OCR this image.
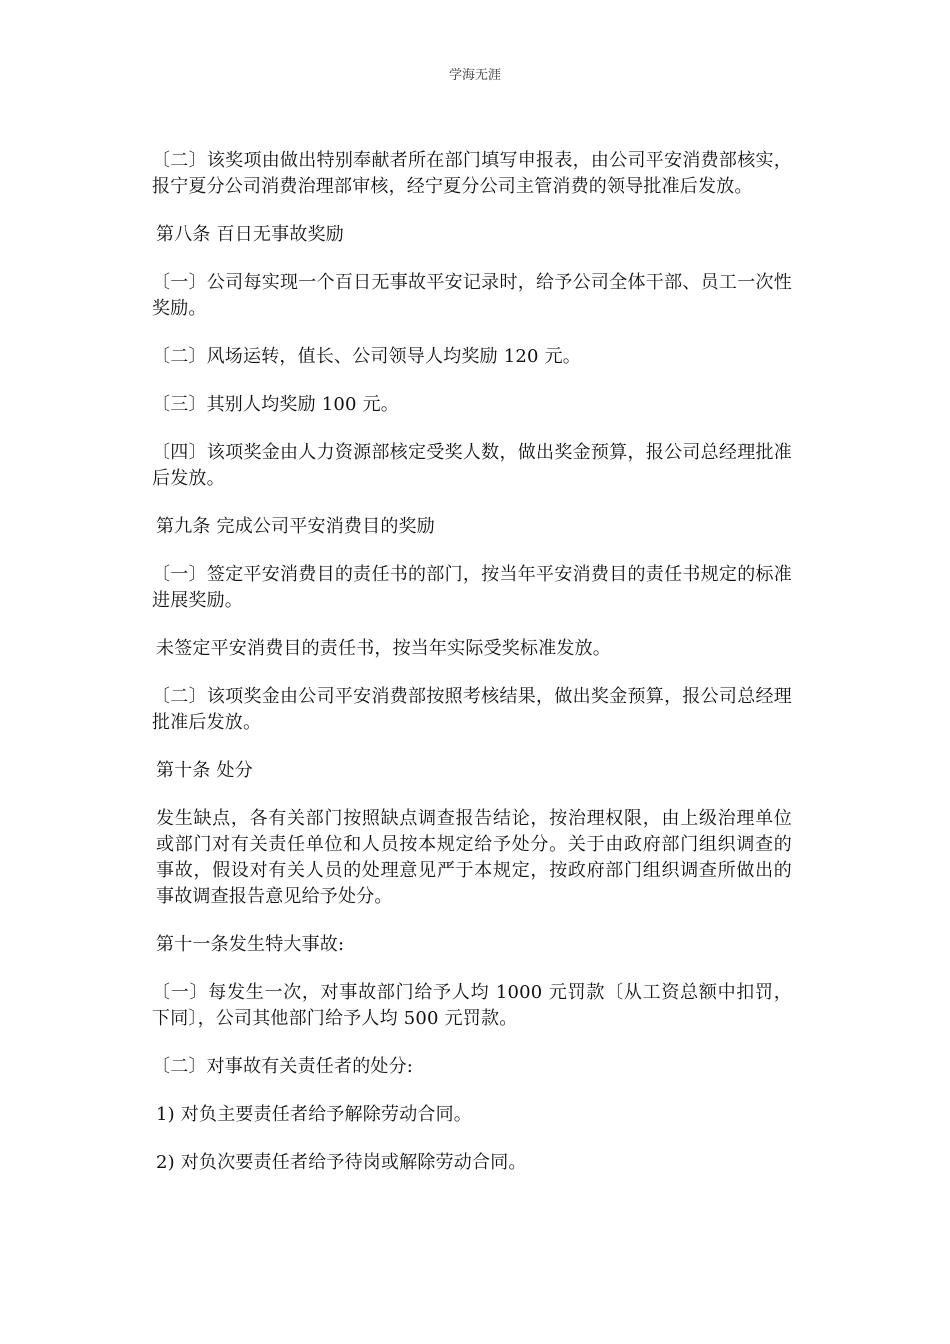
学海无涯

〔二〕该奖项由做出特别奉献者所在部门填写申报表，由公司平安消费部核实，报宁夏分公司消费治理部审核，经宁夏分公司主管消费的领导批准后发放。

第八条 百日无事故奖励

〔一〕公司每实现一个百日无事故平安记录时，给予公司全体干部、员工一次性奖励。

〔二〕风场运转，值长、公司领导人均奖励 120 元。

〔三〕其别人均奖励 100 元。

〔四〕该项奖金由人力资源部核定受奖人数，做出奖金预算，报公司总经理批准后发放。

第九条 完成公司平安消费目的奖励

〔一〕签定平安消费目的责任书的部门，按当年平安消费目的责任书规定的标准进展奖励。

未签定平安消费目的责任书，按当年实际受奖标准发放。

〔二〕该项奖金由公司平安消费部按照考核结果，做出奖金预算，报公司总经理批准后发放。

第十条 处分

发生缺点，各有关部门按照缺点调查报告结论，按治理权限，由上级治理单位或部门对有关责任单位和人员按本规定给予处分。关于由政府部门组织调查的事故，假设对有关人员的处理意见严于本规定，按政府部门组织调查所做出的事故调查报告意见给予处分。

第十一条发生特大事故:

〔一〕每发生一次，对事故部门给予人均 1000 元罚款〔从工资总额中扣罚，下同〕，公司其他部门给予人均 500 元罚款。

〔二〕对事故有关责任者的处分:

1) 对负主要责任者给予解除劳动合同。

2) 对负次要责任者给予待岗或解除劳动合同。
